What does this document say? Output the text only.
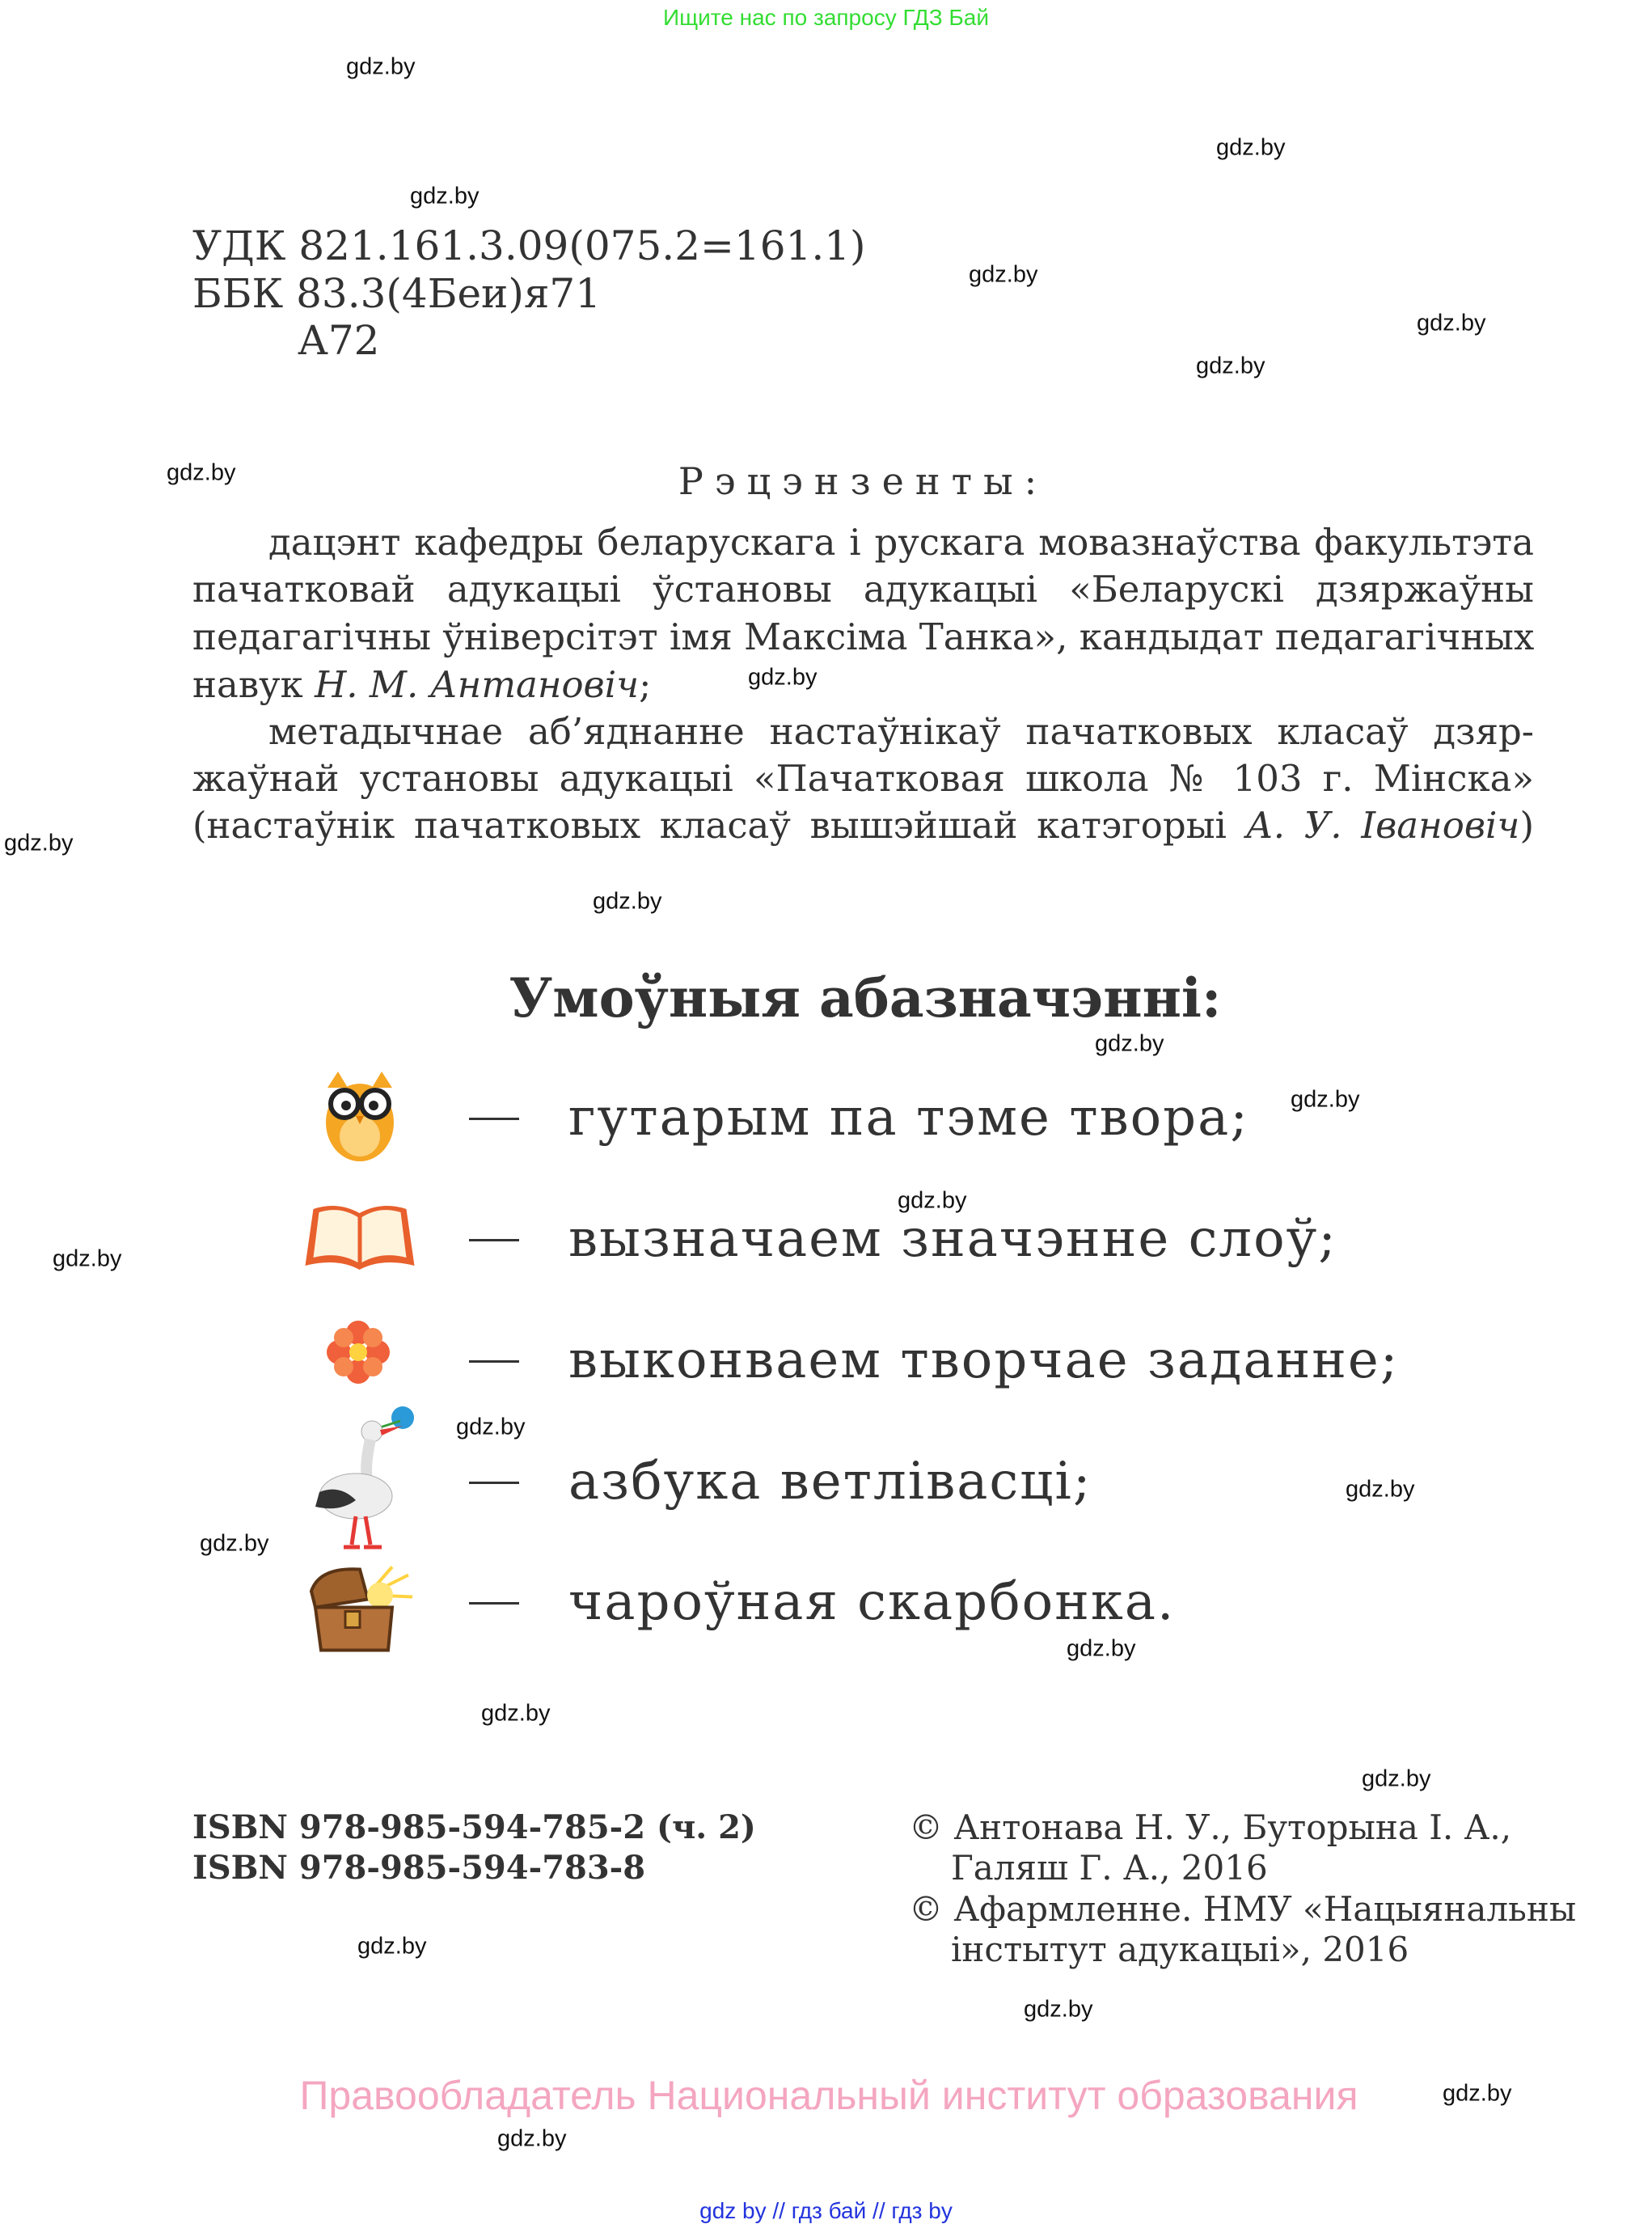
Ищите нас по запросу ГДЗ Бай
gdz.by
gdz.by
gdz.by
gdz.by
gdz.by
gdz.by
gdz.by
gdz.by
gdz.by
gdz.by
gdz.by
gdz.by
gdz.by
gdz.by
gdz.by
gdz.by
gdz.by
gdz.by
gdz.by
gdz.by
gdz.by
gdz.by
gdz.by
gdz.by
УДК 821.161.3.09(075.2=161.1)
ББК 83.3(4Беи)я71
А72
Рэцэнзенты:
дацэнт кафедры беларускага і рускага мовазнаўства факультэта
пачатковай адукацыі ўстановы адукацыі «Беларускі дзяржаўны
педагагічны ўніверсітэт імя Максіма Танка», кандыдат педагагічных
навук Н. М. Антановіч;
метадычнае аб’яднанне настаўнікаў пачатковых класаў дзяр-
жаўнай установы адукацыі «Пачатковая школа № 103 г. Мінска»
(настаўнік пачатковых класаў вышэйшай катэгорыі А. У. Івановіч)
Умоўныя абазначэнні:
гутарым па тэме твора;
вызначаем значэнне слоў;
выконваем творчае заданне;
азбука ветлівасці;
чароўная скарбонка.
ISBN 978-985-594-785-2 (ч. 2)
ISBN 978-985-594-783-8
© Антонава Н. У., Буторына І. А.,
Галяш Г. А., 2016
© Афармленне. НМУ «Нацыянальны
інстытут адукацыі», 2016
Правообладатель Национальный институт образования
gdz by // гдз бай // гдз by
